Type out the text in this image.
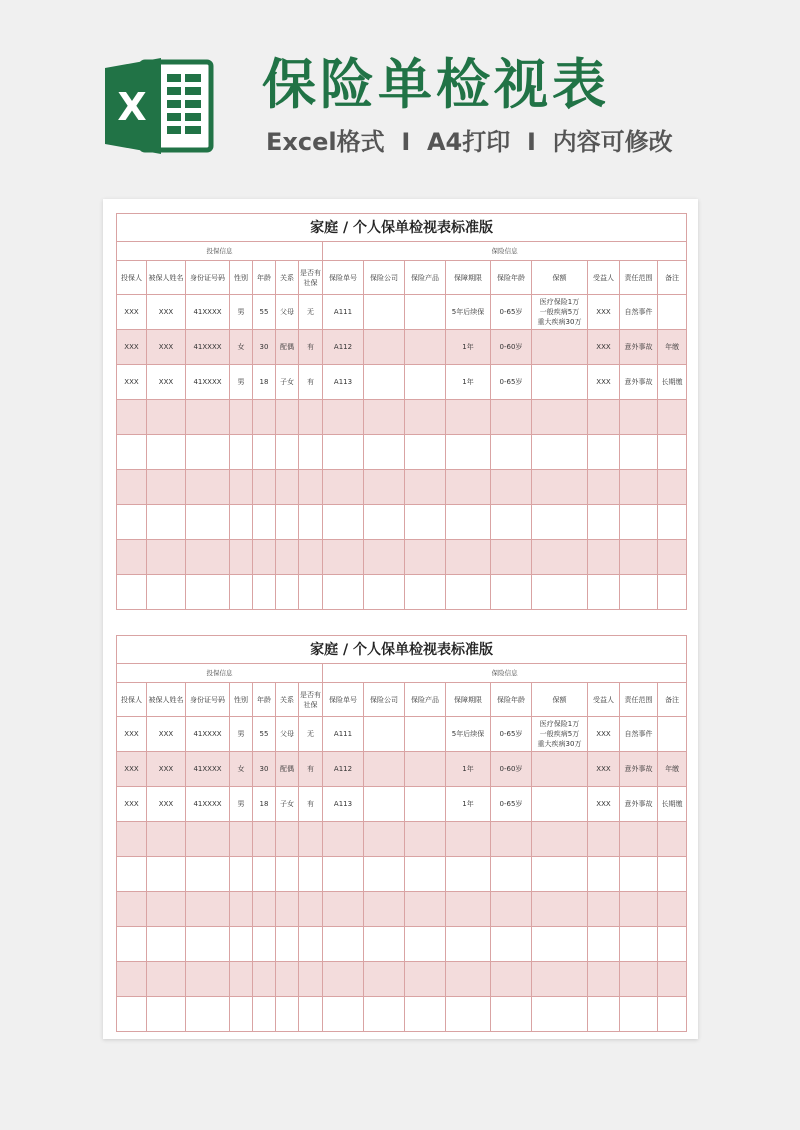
X 保险单检视表
Excel格式  I  A4打印  I  内容可修改
家庭 / 个人保单检视表标准版															
投保信息							保险信息								
投保人	被保人姓名	身份证号码	性别	年龄	关系	是否有
社保	保险单号	保险公司	保险产品	保障期限	保险年龄	保额	受益人	责任范围	备注
XXX	XXX	41XXXX	男	55	父母	无	A111			5年后续保	0-65岁	医疗保险1万
一般疾病5万
重大疾病30万	XXX	自然事件	
XXX	XXX	41XXXX	女	30	配偶	有	A112			1年	0-60岁		XXX	意外事故	年缴
XXX	XXX	41XXXX	男	18	子女	有	A113			1年	0-65岁		XXX	意外事故	长期缴

家庭 / 个人保单检视表标准版															
投保信息							保险信息								
投保人	被保人姓名	身份证号码	性别	年龄	关系	是否有
社保	保险单号	保险公司	保险产品	保障期限	保险年龄	保额	受益人	责任范围	备注
XXX	XXX	41XXXX	男	55	父母	无	A111			5年后续保	0-65岁	医疗保险1万
一般疾病5万
重大疾病30万	XXX	自然事件	
XXX	XXX	41XXXX	女	30	配偶	有	A112			1年	0-60岁		XXX	意外事故	年缴
XXX	XXX	41XXXX	男	18	子女	有	A113			1年	0-65岁		XXX	意外事故	长期缴
